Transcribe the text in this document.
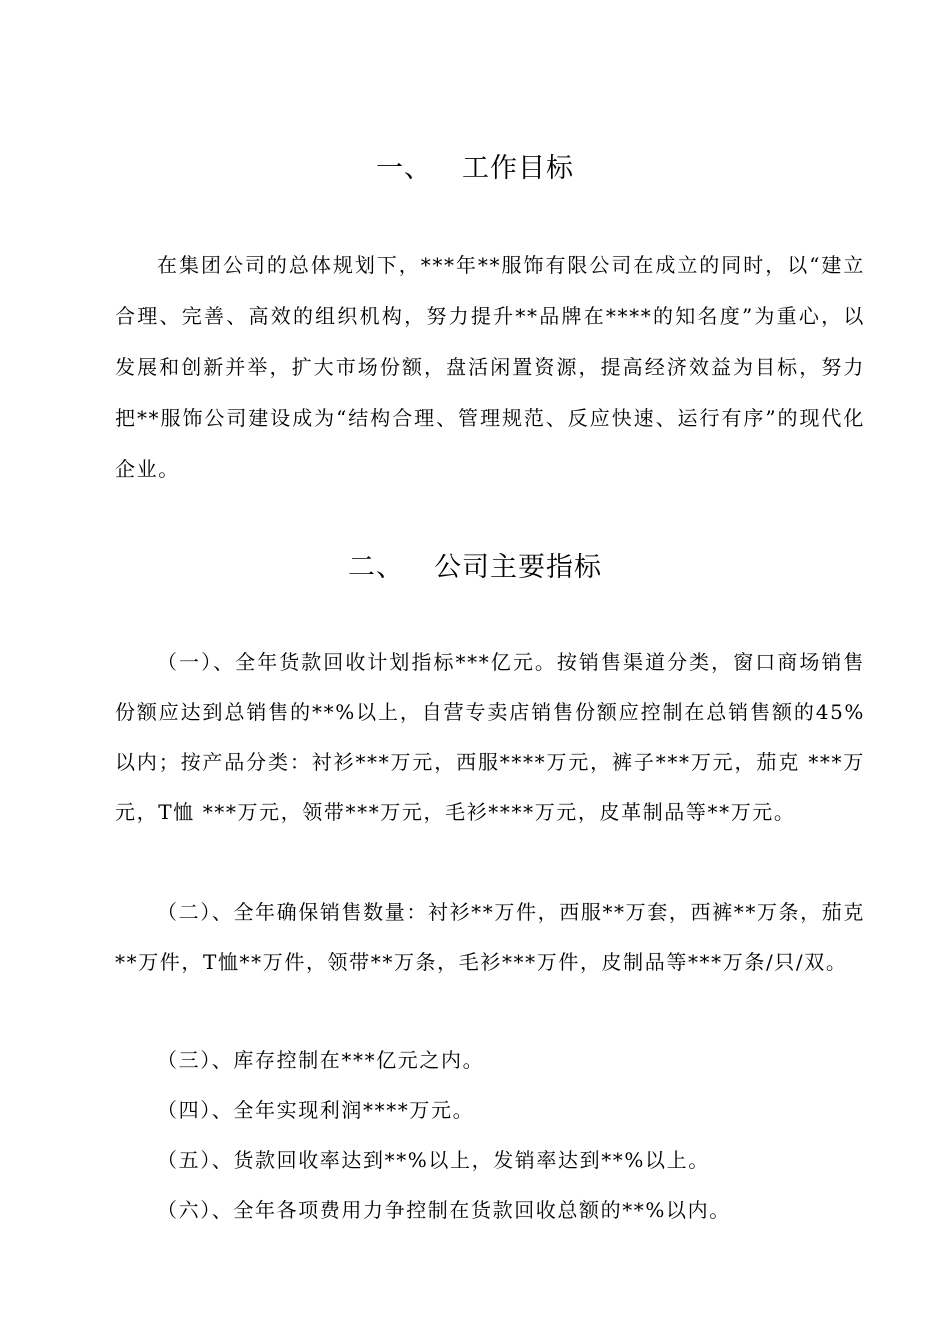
一、 工作目标

在集团公司的总体规划下，***年**服饰有限公司在成立的同时，以“建立合理、完善、高效的组织机构，努力提升**品牌在****的知名度”为重心，以发展和创新并举，扩大市场份额，盘活闲置资源，提高经济效益为目标，努力把**服饰公司建设成为“结构合理、管理规范、反应快速、运行有序”的现代化企业。

二、 公司主要指标

（一）、全年货款回收计划指标***亿元。按销售渠道分类，窗口商场销售份额应达到总销售的**%以上，自营专卖店销售份额应控制在总销售额的45%以内；按产品分类：衬衫***万元，西服****万元，裤子***万元，茄克 ***万元，T恤 ***万元，领带***万元，毛衫****万元，皮革制品等**万元。

（二）、全年确保销售数量：衬衫**万件，西服**万套，西裤**万条，茄克**万件，T恤**万件，领带**万条，毛衫***万件，皮制品等***万条/只/双。

（三）、库存控制在***亿元之内。

（四）、全年实现利润****万元。

（五）、货款回收率达到**%以上，发销率达到**%以上。

（六）、全年各项费用力争控制在货款回收总额的**%以内。
